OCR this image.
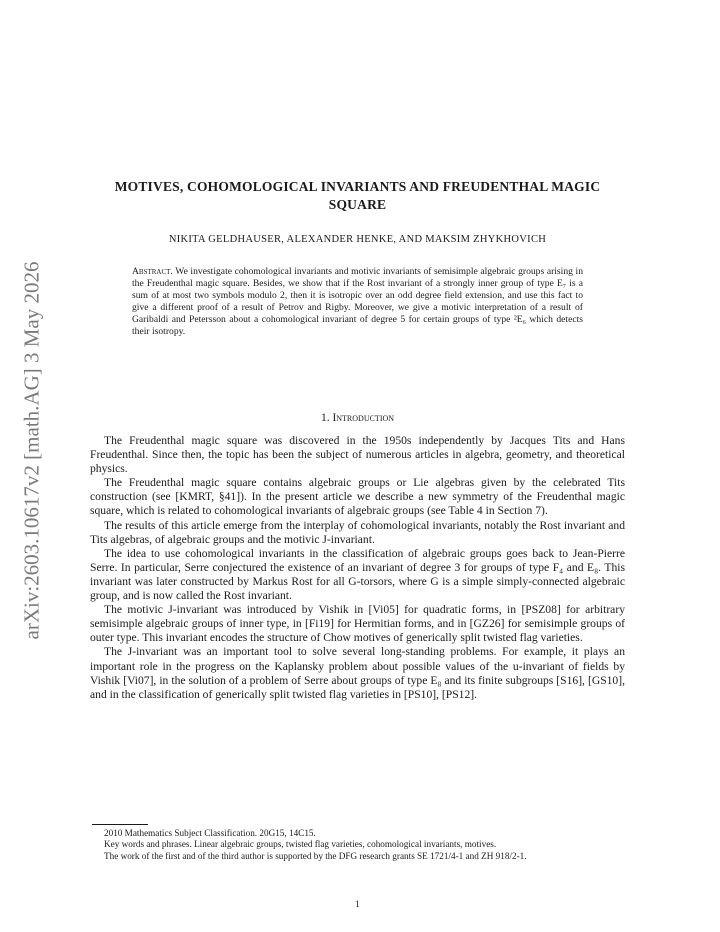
arXiv:2603.10617v2 [math.AG] 3 May 2026
MOTIVES, COHOMOLOGICAL INVARIANTS AND FREUDENTHAL MAGIC SQUARE
NIKITA GELDHAUSER, ALEXANDER HENKE, AND MAKSIM ZHYKHOVICH
Abstract. We investigate cohomological invariants and motivic invariants of semisimple algebraic groups arising in the Freudenthal magic square. Besides, we show that if the Rost invariant of a strongly inner group of type E₇ is a sum of at most two symbols modulo 2, then it is isotropic over an odd degree field extension, and use this fact to give a different proof of a result of Petrov and Rigby. Moreover, we give a motivic interpretation of a result of Garibaldi and Petersson about a cohomological invariant of degree 5 for certain groups of type ²E₆ which detects their isotropy.
1. Introduction

The Freudenthal magic square was discovered in the 1950s independently by Jacques Tits and Hans Freudenthal. Since then, the topic has been the subject of numerous articles in algebra, geometry, and theoretical physics.

The Freudenthal magic square contains algebraic groups or Lie algebras given by the celebrated Tits construction (see [KMRT, §41]). In the present article we describe a new symmetry of the Freudenthal magic square, which is related to cohomological invariants of algebraic groups (see Table 4 in Section 7).

The results of this article emerge from the interplay of cohomological invariants, notably the Rost invariant and Tits algebras, of algebraic groups and the motivic J-invariant.

The idea to use cohomological invariants in the classification of algebraic groups goes back to Jean-Pierre Serre. In particular, Serre conjectured the existence of an invariant of degree 3 for groups of type F₄ and E₈. This invariant was later constructed by Markus Rost for all G-torsors, where G is a simple simply-connected algebraic group, and is now called the Rost invariant.

The motivic J-invariant was introduced by Vishik in [Vi05] for quadratic forms, in [PSZ08] for arbitrary semisimple algebraic groups of inner type, in [Fi19] for Hermitian forms, and in [GZ26] for semisimple groups of outer type. This invariant encodes the structure of Chow motives of generically split twisted flag varieties.

The J-invariant was an important tool to solve several long-standing problems. For example, it plays an important role in the progress on the Kaplansky problem about possible values of the u-invariant of fields by Vishik [Vi07], in the solution of a problem of Serre about groups of type E₈ and its finite subgroups [S16], [GS10], and in the classification of generically split twisted flag varieties in [PS10], [PS12].

2010 Mathematics Subject Classification. 20G15, 14C15.

Key words and phrases. Linear algebraic groups, twisted flag varieties, cohomological invariants, motives.

The work of the first and of the third author is supported by the DFG research grants SE 1721/4-1 and ZH 918/2-1.

1
